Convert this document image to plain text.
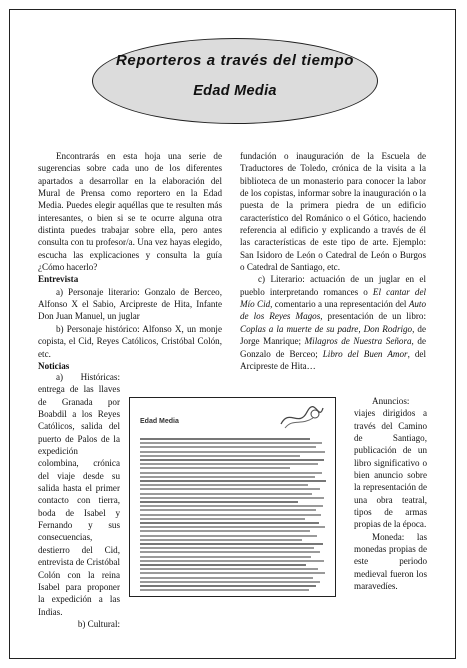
Reporteros a través del tiempo
Edad Media

Encontrarás en esta hoja una serie de sugerencias sobre cada uno de los diferentes apartados a desarrollar en la elaboración del Mural de Prensa como reportero en la Edad Media. Puedes elegir aquéllas que te resulten más interesantes, o bien si se te ocurre alguna otra distinta puedes trabajar sobre ella, pero antes consulta con tu profesor/a. Una vez hayas elegido, escucha las explicaciones y consulta la guía ¿Cómo hacerlo?

Entrevista

a) Personaje literario: Gonzalo de Berceo, Alfonso X el Sabio, Arcipreste de Hita, Infante Don Juan Manuel, un juglar

b) Personaje histórico: Alfonso X, un monje copista, el Cid, Reyes Católicos, Cristóbal Colón, etc.

Noticias

a) Históricas: entrega de las llaves de Granada por Boabdil a los Reyes Católicos, salida del puerto de Palos de la expedición colombina, crónica del viaje desde su salida hasta el primer contacto con tierra, boda de Isabel y Fernando y sus consecuencias, destierro del Cid, entrevista de Cristóbal Colón con la reina Isabel para proponer la expedición a las Indias.

b) Cultural:

fundación o inauguración de la Escuela de Traductores de Toledo, crónica de la visita a la biblioteca de un monasterio para conocer la labor de los copistas, informar sobre la inauguración o la puesta de la primera piedra de un edificio característico del Románico o el Gótico, haciendo referencia al edificio y explicando a través de él las características de este tipo de arte. Ejemplo: San Isidoro de León o Catedral de León o Burgos o Catedral de Santiago, etc.

c) Literario: actuación de un juglar en el pueblo interpretando romances o El cantar del Mío Cid, comentario a una representación del Auto de los Reyes Magos, presentación de un libro: Coplas a la muerte de su padre, Don Rodrigo, de Jorge Manrique; Milagros de Nuestra Señora, de Gonzalo de Berceo; Libro del Buen Amor, del Arcipreste de Hita…

Anuncios: viajes dirigidos a través del Camino de Santiago, publicación de un libro significativo o bien anuncio sobre la representación de una obra teatral, tipos de armas propias de la época.

Moneda: las monedas propias de este periodo medieval fueron los maravedíes.

Edad Media
